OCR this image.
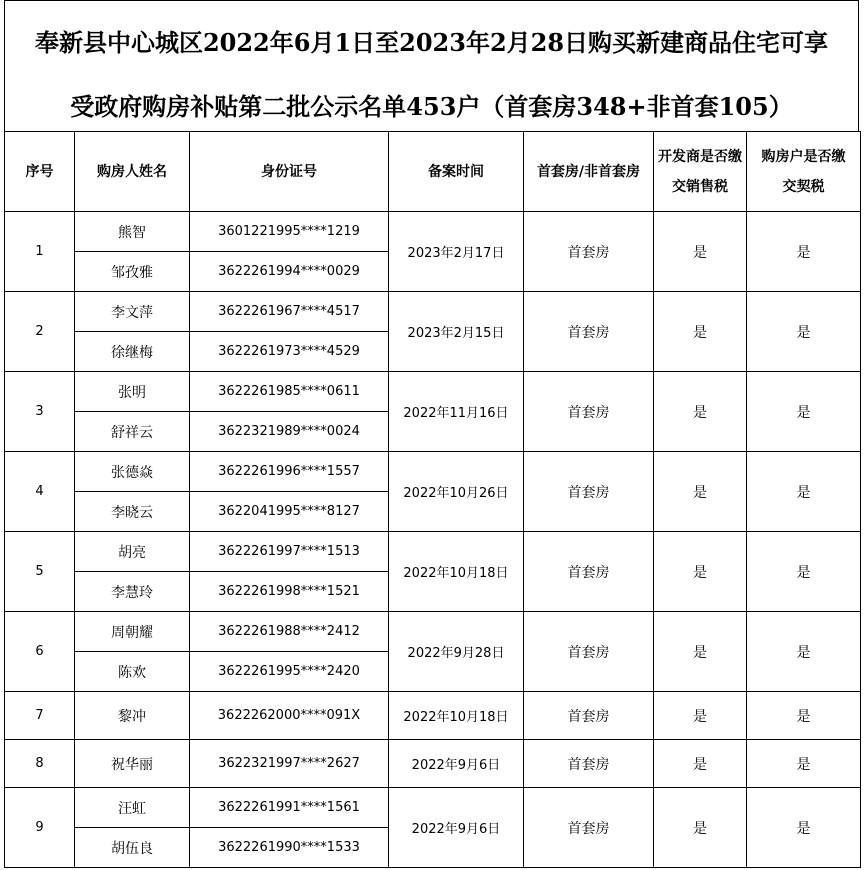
奉新县中心城区2022年6月1日至2023年2月28日购买新建商品住宅可享
受政府购房补贴第二批公示名单453户（首套房348+非首套105）
序号	购房人姓名	身份证号	备案时间	首套房/非首套房	开发商是否缴交销售税	购房户是否缴交契税
1	熊智	3601221995****1219	2023年2月17日	首套房	是	是
	邹孜雅	3622261994****0029				
2	李文萍	3622261967****4517	2023年2月15日	首套房	是	是
	徐继梅	3622261973****4529				
3	张明	3622261985****0611	2022年11月16日	首套房	是	是
	舒祥云	3622321989****0024				
4	张德焱	3622261996****1557	2022年10月26日	首套房	是	是
	李晓云	3622041995****8127				
5	胡亮	3622261997****1513	2022年10月18日	首套房	是	是
	李慧玲	3622261998****1521				
6	周朝耀	3622261988****2412	2022年9月28日	首套房	是	是
	陈欢	3622261995****2420				
7	黎冲	3622262000****091X	2022年10月18日	首套房	是	是
8	祝华丽	3622321997****2627	2022年9月6日	首套房	是	是
9	汪虹	3622261991****1561	2022年9月6日	首套房	是	是
	胡伍良	3622261990****1533				
